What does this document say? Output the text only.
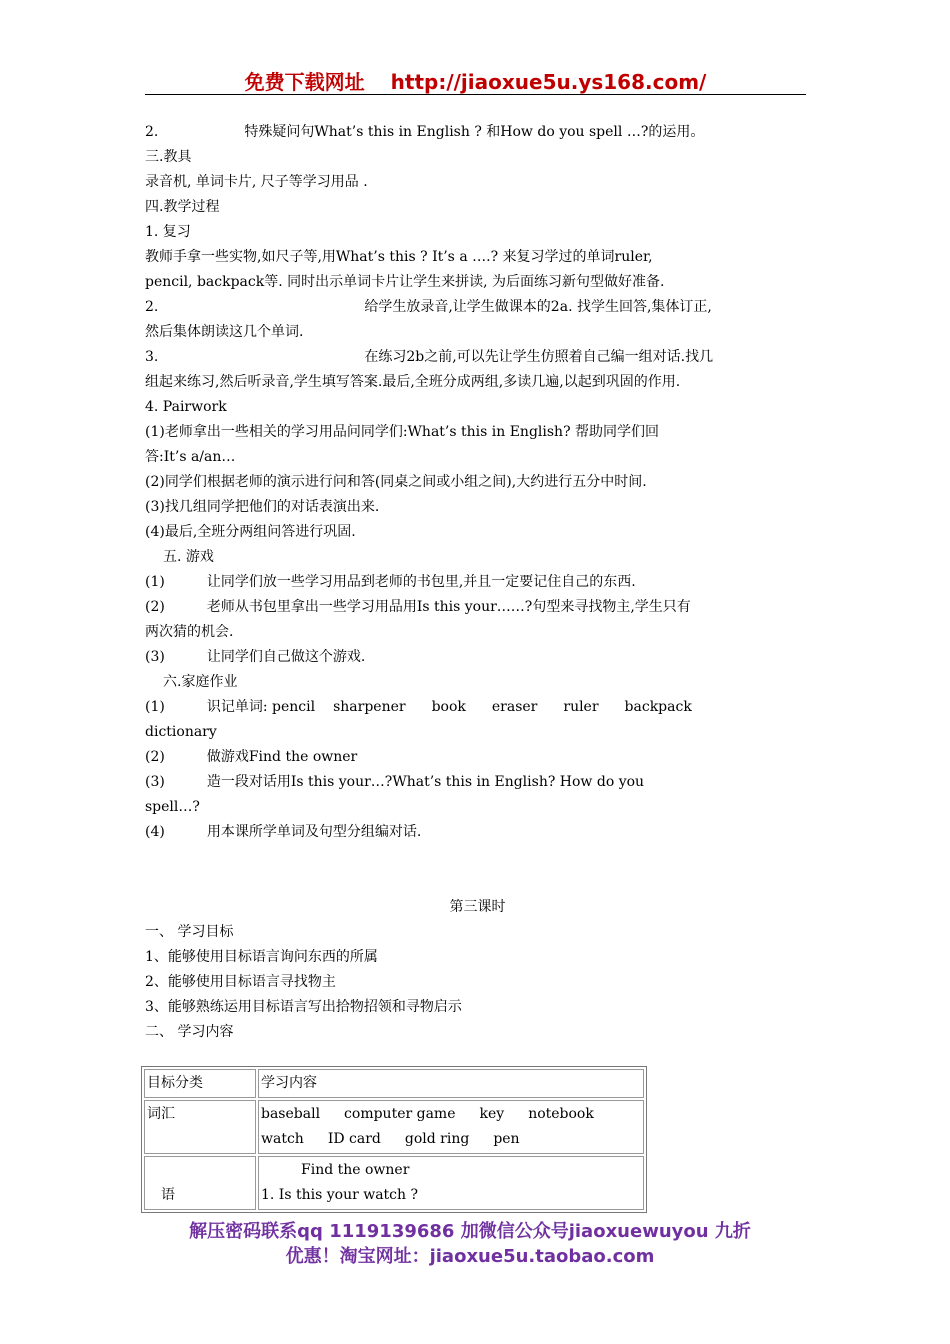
免费下载网址 http://jiaoxue5u.ys168.com/
2.	特殊疑问句What’s this in English ? 和How do you spell …?的运用。
三.教具
录音机, 单词卡片, 尺子等学习用品 .
四.教学过程
1. 复习
教师手拿一些实物,如尺子等,用What’s this ? It’s a ….? 来复习学过的单词ruler,
pencil, backpack等. 同时出示单词卡片让学生来拼读, 为后面练习新句型做好准备.
2.	给学生放录音,让学生做课本的2a. 找学生回答,集体订正,
然后集体朗读这几个单词.
3.	在练习2b之前,可以先让学生仿照着自己编一组对话.找几
组起来练习,然后听录音,学生填写答案.最后,全班分成两组,多读几遍,以起到巩固的作用.
4. Pairwork
(1)老师拿出一些相关的学习用品问同学们:What’s this in English? 帮助同学们回
答:It’s a/an…
(2)同学们根据老师的演示进行问和答(同桌之间或小组之间),大约进行五分中时间.
(3)找几组同学把他们的对话表演出来.
(4)最后,全班分两组问答进行巩固.
五. 游戏
(1)	让同学们放一些学习用品到老师的书包里,并且一定要记住自己的东西.
(2)	老师从书包里拿出一些学习用品用Is this your……?句型来寻找物主,学生只有
两次猜的机会.
(3)	让同学们自己做这个游戏.
六.家庭作业
(1)	识记单词: pencil sharpener book eraser ruler backpack
dictionary
(2)	做游戏Find the owner
(3)	造一段对话用Is this your…?What’s this in English? How do you
spell…?
(4)	用本课所学单词及句型分组编对话.
第三课时
一、 学习目标
1、能够使用目标语言询问东西的所属
2、能够使用目标语言寻找物主
3、能够熟练运用目标语言写出拾物招领和寻物启示
二、 学习内容
目标分类	学习内容
词汇	baseball computer game key notebook
watch ID card gold ring pen

语	Find the owner
1. Is this your watch ?
解压密码联系qq 1119139686 加微信公众号jiaoxuewuyou 九折
优惠！淘宝网址：jiaoxue5u.taobao.com
